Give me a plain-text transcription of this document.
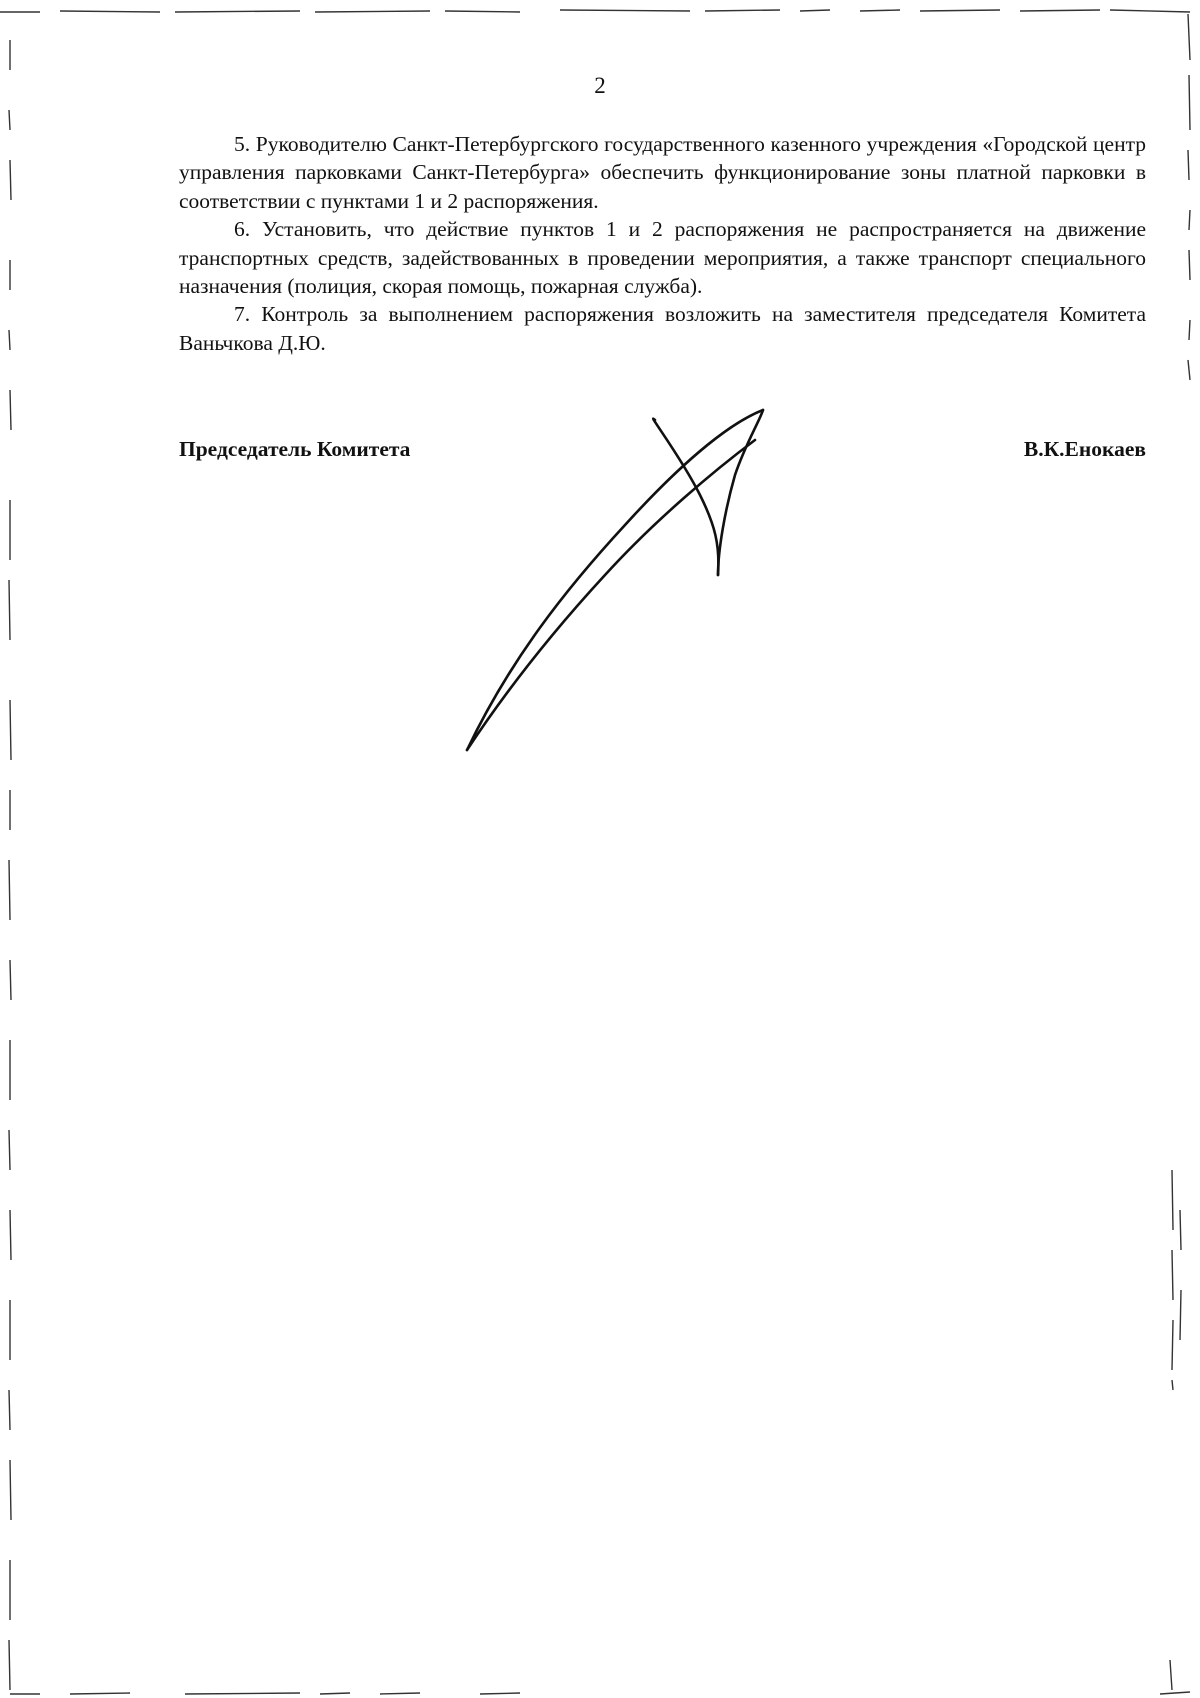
2

5. Руководителю Санкт-Петербургского государственного казенного учреждения «Городской центр управления парковками Санкт-Петербурга» обеспечить функционирование зоны платной парковки в соответствии с пунктами 1 и 2 распоряжения.

6. Установить, что действие пунктов 1 и 2 распоряжения не распространяется на движение транспортных средств, задействованных в проведении мероприятия, а также транспорт специального назначения (полиция, скорая помощь, пожарная служба).

7. Контроль за выполнением распоряжения возложить на заместителя председателя Комитета Ваньчкова Д.Ю.

Председатель Комитета	В.К.Енокаев
